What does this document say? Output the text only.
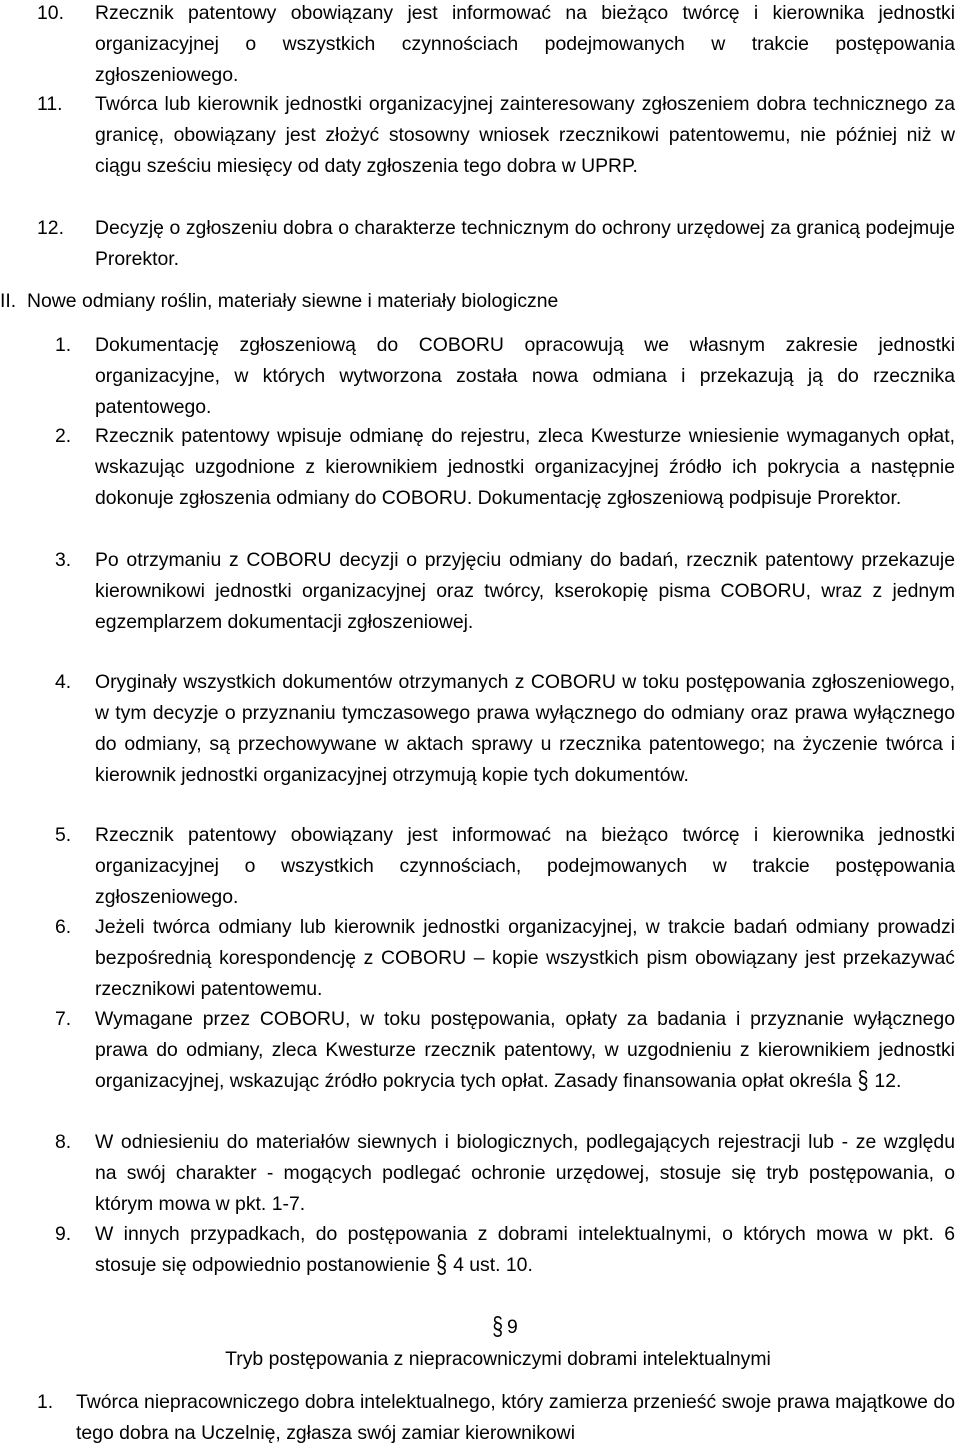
10. Rzecznik patentowy obowiązany jest informować na bieżąco twórcę i kierownika jednostki organizacyjnej o wszystkich czynnościach podejmowanych w trakcie postępowania zgłoszeniowego.
11. Twórca lub kierownik jednostki organizacyjnej zainteresowany zgłoszeniem dobra technicznego za granicę, obowiązany jest złożyć stosowny wniosek rzecznikowi patentowemu, nie później niż w ciągu sześciu miesięcy od daty zgłoszenia tego dobra w UPRP.
12. Decyzję o zgłoszeniu dobra o charakterze technicznym do ochrony urzędowej za granicą podejmuje Prorektor.
II. Nowe odmiany roślin, materiały siewne i materiały biologiczne
1. Dokumentację zgłoszeniową do COBORU opracowują we własnym zakresie jednostki organizacyjne, w których wytworzona została nowa odmiana i przekazują ją do rzecznika patentowego.
2. Rzecznik patentowy wpisuje odmianę do rejestru, zleca Kwesturze wniesienie wymaganych opłat, wskazując uzgodnione z kierownikiem jednostki organizacyjnej źródło ich pokrycia a następnie dokonuje zgłoszenia odmiany do COBORU. Dokumentację zgłoszeniową podpisuje Prorektor.
3. Po otrzymaniu z COBORU decyzji o przyjęciu odmiany do badań, rzecznik patentowy przekazuje kierownikowi jednostki organizacyjnej oraz twórcy, kserokopię pisma COBORU, wraz z jednym egzemplarzem dokumentacji zgłoszeniowej.
4. Oryginały wszystkich dokumentów otrzymanych z COBORU w toku postępowania zgłoszeniowego, w tym decyzje o przyznaniu tymczasowego prawa wyłącznego do odmiany oraz prawa wyłącznego do odmiany, są przechowywane w aktach sprawy u rzecznika patentowego; na życzenie twórca i kierownik jednostki organizacyjnej otrzymują kopie tych dokumentów.
5. Rzecznik patentowy obowiązany jest informować na bieżąco twórcę i kierownika jednostki organizacyjnej o wszystkich czynnościach, podejmowanych w trakcie postępowania zgłoszeniowego.
6. Jeżeli twórca odmiany lub kierownik jednostki organizacyjnej, w trakcie badań odmiany prowadzi bezpośrednią korespondencję z COBORU – kopie wszystkich pism obowiązany jest przekazywać rzecznikowi patentowemu.
7. Wymagane przez COBORU, w toku postępowania, opłaty za badania i przyznanie wyłącznego prawa do odmiany, zleca Kwesturze rzecznik patentowy, w uzgodnieniu z kierownikiem jednostki organizacyjnej, wskazując źródło pokrycia tych opłat. Zasady finansowania opłat określa § 12.
8. W odniesieniu do materiałów siewnych i biologicznych, podlegających rejestracji lub - ze względu na swój charakter - mogących podlegać ochronie urzędowej, stosuje się tryb postępowania, o którym mowa w pkt. 1-7.
9. W innych przypadkach, do postępowania z dobrami intelektualnymi, o których mowa w pkt. 6 stosuje się odpowiednio postanowienie § 4 ust. 10.
§ 9
Tryb postępowania z niepracowniczymi dobrami intelektualnymi
1. Twórca niepracowniczego dobra intelektualnego, który zamierza przenieść swoje prawa majątkowe do tego dobra na Uczelnię, zgłasza swój zamiar kierownikowi
